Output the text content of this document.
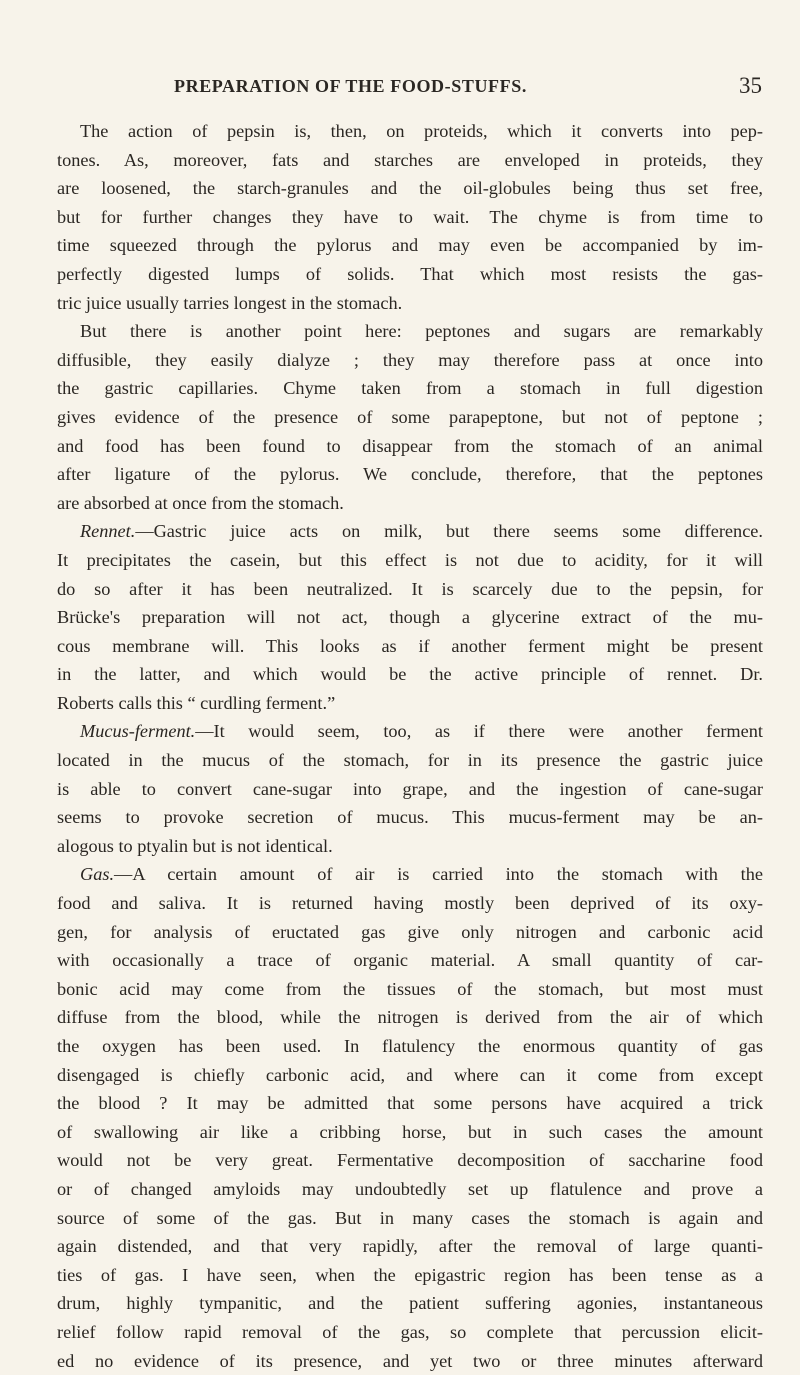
PREPARATION OF THE FOOD-STUFFS.	35
The action of pepsin is, then, on proteids, which it converts into pep-
tones. As, moreover, fats and starches are enveloped in proteids, they
are loosened, the starch-granules and the oil-globules being thus set free,
but for further changes they have to wait. The chyme is from time to
time squeezed through the pylorus and may even be accompanied by im-
perfectly digested lumps of solids. That which most resists the gas-
tric juice usually tarries longest in the stomach.
But there is another point here: peptones and sugars are remarkably
diffusible, they easily dialyze ; they may therefore pass at once into
the gastric capillaries. Chyme taken from a stomach in full digestion
gives evidence of the presence of some parapeptone, but not of peptone ;
and food has been found to disappear from the stomach of an animal
after ligature of the pylorus. We conclude, therefore, that the peptones
are absorbed at once from the stomach.
Rennet.—Gastric juice acts on milk, but there seems some difference.
It precipitates the casein, but this effect is not due to acidity, for it will
do so after it has been neutralized. It is scarcely due to the pepsin, for
Brücke's preparation will not act, though a glycerine extract of the mu-
cous membrane will. This looks as if another ferment might be present
in the latter, and which would be the active principle of rennet. Dr.
Roberts calls this “ curdling ferment.”
Mucus-ferment.—It would seem, too, as if there were another ferment
located in the mucus of the stomach, for in its presence the gastric juice
is able to convert cane-sugar into grape, and the ingestion of cane-sugar
seems to provoke secretion of mucus. This mucus-ferment may be an-
alogous to ptyalin but is not identical.
Gas.—A certain amount of air is carried into the stomach with the
food and saliva. It is returned having mostly been deprived of its oxy-
gen, for analysis of eructated gas give only nitrogen and carbonic acid
with occasionally a trace of organic material. A small quantity of car-
bonic acid may come from the tissues of the stomach, but most must
diffuse from the blood, while the nitrogen is derived from the air of which
the oxygen has been used. In flatulency the enormous quantity of gas
disengaged is chiefly carbonic acid, and where can it come from except
the blood ? It may be admitted that some persons have acquired a trick
of swallowing air like a cribbing horse, but in such cases the amount
would not be very great. Fermentative decomposition of saccharine food
or of changed amyloids may undoubtedly set up flatulence and prove a
source of some of the gas. But in many cases the stomach is again and
again distended, and that very rapidly, after the removal of large quanti-
ties of gas. I have seen, when the epigastric region has been tense as a
drum, highly tympanitic, and the patient suffering agonies, instantaneous
relief follow rapid removal of the gas, so complete that percussion elicit-
ed no evidence of its presence, and yet two or three minutes afterward
